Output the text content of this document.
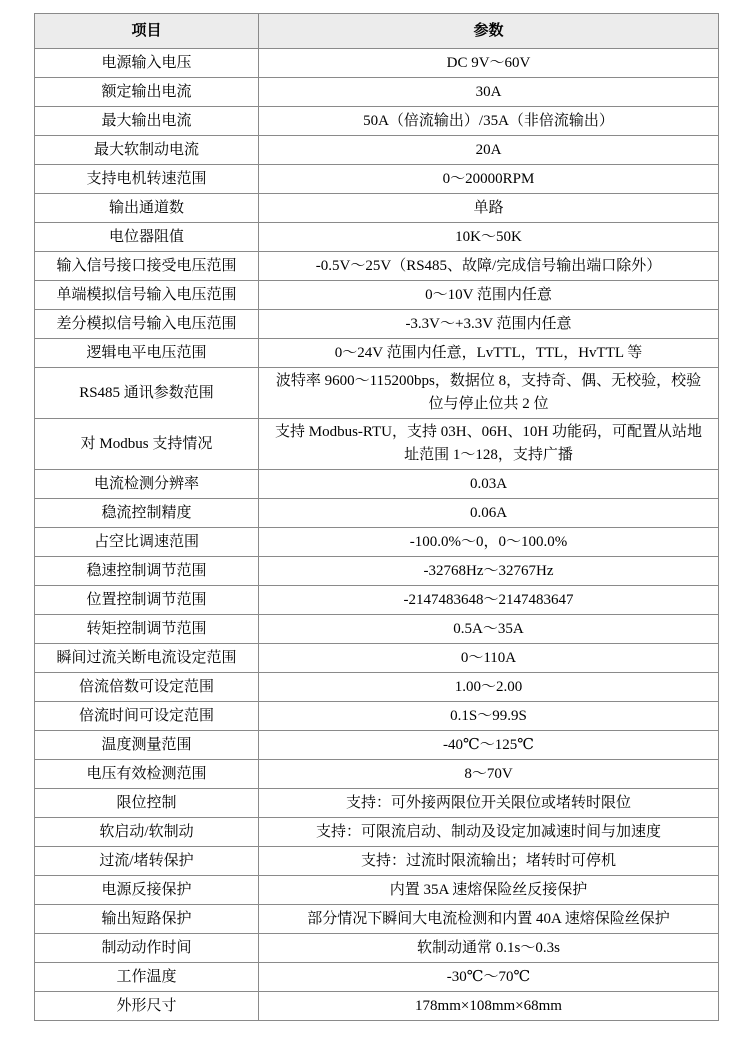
项目	参数
电源输入电压	DC 9V～60V
额定输出电流	30A
最大输出电流	50A（倍流输出）/35A（非倍流输出）
最大软制动电流	20A
支持电机转速范围	0～20000RPM
输出通道数	单路
电位器阻值	10K～50K
输入信号接口接受电压范围	-0.5V～25V（RS485、故障/完成信号输出端口除外）
单端模拟信号输入电压范围	0～10V 范围内任意
差分模拟信号输入电压范围	-3.3V～+3.3V 范围内任意
逻辑电平电压范围	0～24V 范围内任意，LvTTL，TTL，HvTTL 等
RS485 通讯参数范围	波特率 9600～115200bps，数据位 8，支持奇、偶、无校验，校验位与停止位共 2 位
对 Modbus 支持情况	支持 Modbus-RTU，支持 03H、06H、10H 功能码，可配置从站地址范围 1～128，支持广播
电流检测分辨率	0.03A
稳流控制精度	0.06A
占空比调速范围	-100.0%～0，0～100.0%
稳速控制调节范围	-32768Hz～32767Hz
位置控制调节范围	-2147483648～2147483647
转矩控制调节范围	0.5A～35A
瞬间过流关断电流设定范围	0～110A
倍流倍数可设定范围	1.00～2.00
倍流时间可设定范围	0.1S～99.9S
温度测量范围	-40℃～125℃
电压有效检测范围	8～70V
限位控制	支持：可外接两限位开关限位或堵转时限位
软启动/软制动	支持：可限流启动、制动及设定加减速时间与加速度
过流/堵转保护	支持：过流时限流输出；堵转时可停机
电源反接保护	内置 35A 速熔保险丝反接保护
输出短路保护	部分情况下瞬间大电流检测和内置 40A 速熔保险丝保护
制动动作时间	软制动通常 0.1s～0.3s
工作温度	-30℃～70℃
外形尺寸	178mm×108mm×68mm
